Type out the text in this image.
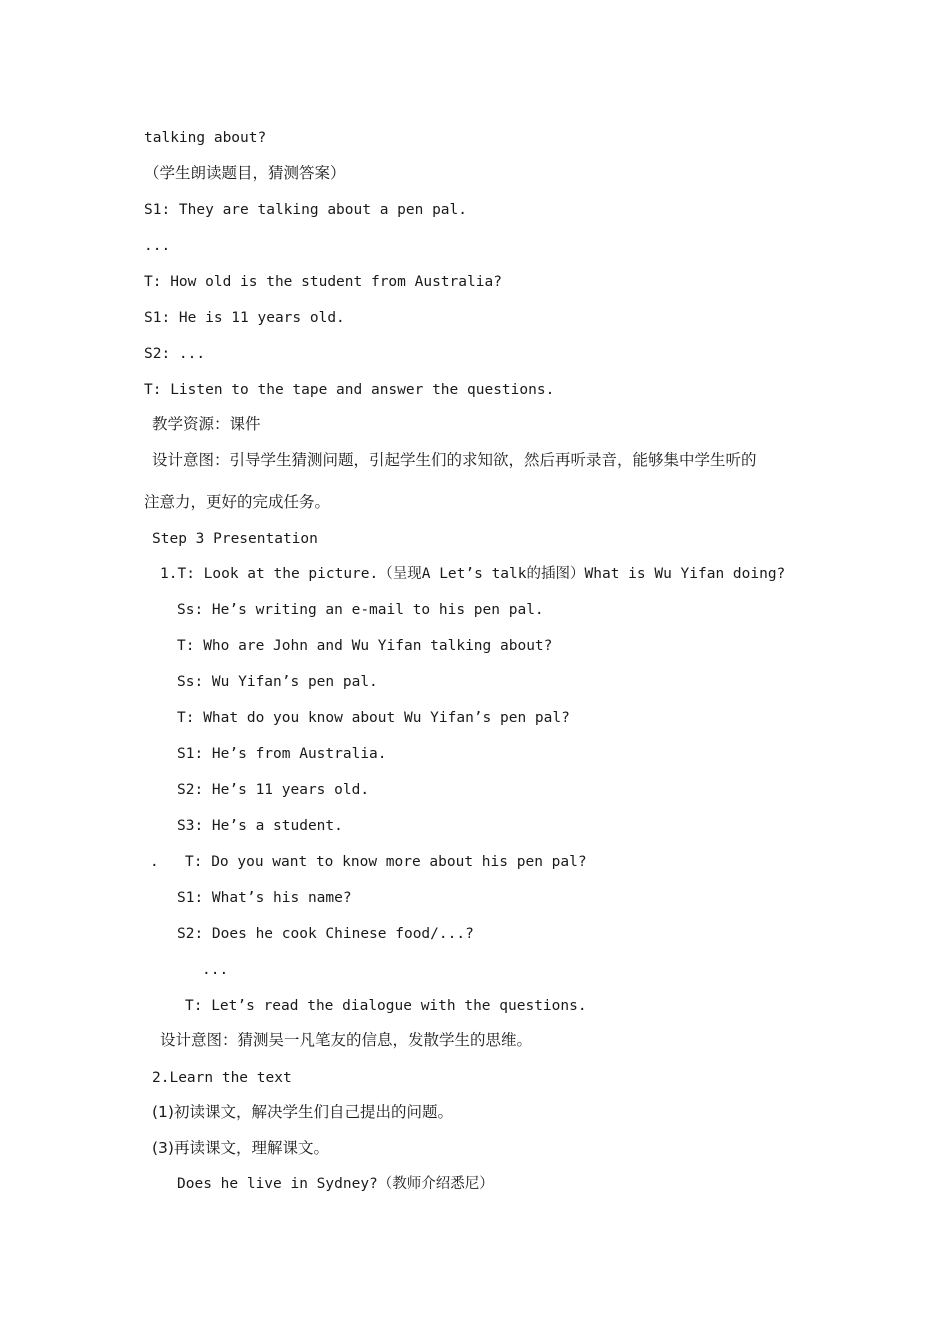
talking about?
（学生朗读题目，猜测答案）
S1: They are talking about a pen pal.
...
T: How old is the student from Australia?
S1: He is 11 years old.
S2: ...
T: Listen to the tape and answer the questions.
教学资源：课件
设计意图：引导学生猜测问题，引起学生们的求知欲，然后再听录音，能够集中学生听的
注意力，更好的完成任务。
Step 3 Presentation
1.T: Look at the picture.（呈现A Let’s talk的插图）What is Wu Yifan doing?
Ss: He’s writing an e-mail to his pen pal.
T: Who are John and Wu Yifan talking about?
Ss: Wu Yifan’s pen pal.
T: What do you know about Wu Yifan’s pen pal?
S1: He’s from Australia.
S2: He’s 11 years old.
S3: He’s a student.
. T: Do you want to know more about his pen pal?
S1: What’s his name?
S2: Does he cook Chinese food/...?
...
T: Let’s read the dialogue with the questions.
设计意图：猜测吴一凡笔友的信息，发散学生的思维。
2.Learn the text
(1)初读课文，解决学生们自己提出的问题。
(3)再读课文，理解课文。
Does he live in Sydney?（教师介绍悉尼）
